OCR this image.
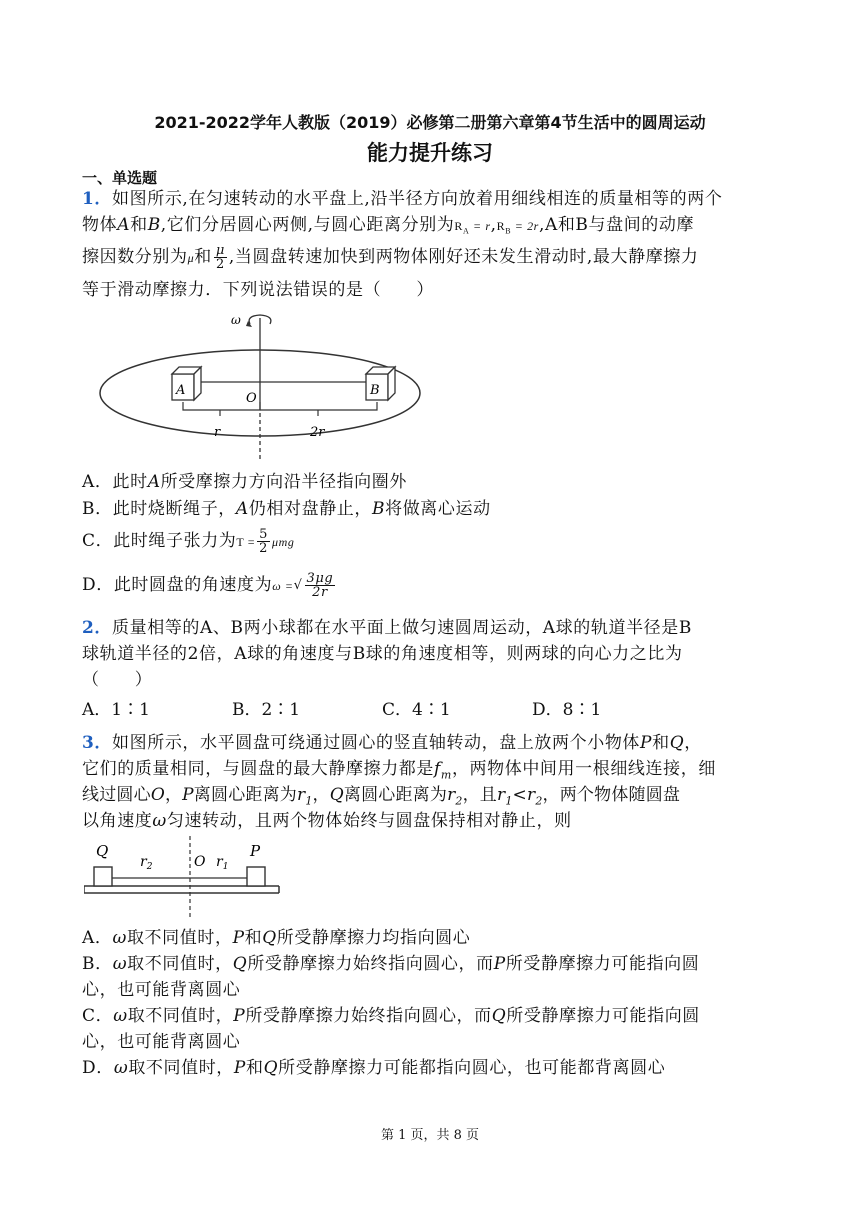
2021-2022学年人教版（2019）必修第二册第六章第4节生活中的圆周运动
能力提升练习
一、单选题
1．如图所示,在匀速转动的水平盘上,沿半径方向放着用细线相连的质量相等的两个
物体A和B,它们分居圆心两侧,与圆心距离分别为$R_A = r,R_B = 2r,A$和B与盘间的动摩
擦因数分别为μ和 $\frac{\mu}{2}$ ,当圆盘转速加快到两物体刚好还未发生滑动时,最大静摩擦力
等于滑动摩擦力．下列说法错误的是（　　）
ω
A	B
O
r	2r
A．此时A所受摩擦力方向沿半径指向圈外
B．此时烧断绳子，A仍相对盘静止，B将做离心运动
C．此时绳子张力为$T = \frac{5}{2}$ μmg
D．此时圆盘的角速度为ω =√ $\frac{3\mu g}{2r}$
2．质量相等的A、B两小球都在水平面上做匀速圆周运动，A球的轨道半径是B
球轨道半径的2倍，A球的角速度与B球的角速度相等，则两球的向心力之比为
（　　）
A．1∶1	B．2∶1	C．4∶1	D．8∶1
3．如图所示，水平圆盘可绕通过圆心的竖直轴转动，盘上放两个小物体P和Q，
它们的质量相同，与圆盘的最大静摩擦力都是$f_m$，两物体中间用一根细线连接，细
线过圆心O，P离圆心距离为$r_1$，Q离圆心距离为$r_2$，且$r_1<r_2$，两个物体随圆盘
以角速度ω匀速转动，且两个物体始终与圆盘保持相对静止，则
Q	P
$r_2$	O $r_1$
A．ω取不同值时，P和Q所受静摩擦力均指向圆心
B．ω取不同值时，Q所受静摩擦力始终指向圆心，而P所受静摩擦力可能指向圆
心，也可能背离圆心
C．ω取不同值时，P所受静摩擦力始终指向圆心，而Q所受静摩擦力可能指向圆
心，也可能背离圆心
D．ω取不同值时，P和Q所受静摩擦力可能都指向圆心，也可能都背离圆心
第 1 页，共 8 页
